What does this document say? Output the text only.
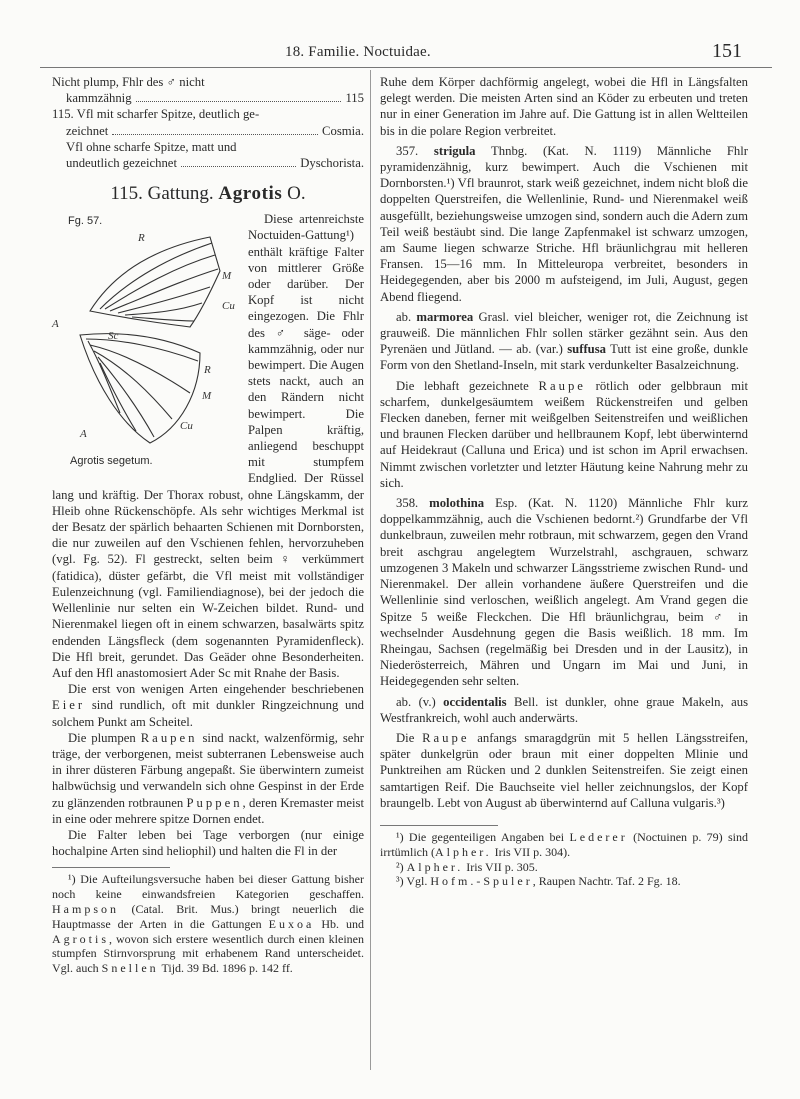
18. Familie. Noctuidae.	151
Nicht plump, Fhlr des ♂ nicht
kammzähnig	115
115. Vfl mit scharfer Spitze, deutlich ge-
zeichnet	Cosmia.
Vfl ohne scharfe Spitze, matt und
undeutlich gezeichnet	Dyschorista.
115. Gattung. Agrotis O.

Fg. 57.
R
M
Cu
A
Sc
R
M
Cu
A
Agrotis segetum.
Diese artenreichste Noctuiden-Gattung¹) enthält kräftige Falter von mittlerer Größe oder darüber. Der Kopf ist nicht eingezogen. Die Fhlr des ♂ säge- oder kammzähnig, oder nur bewimpert. Die Augen stets nackt, auch an den Rändern nicht bewimpert. Die Palpen kräftig, anliegend beschuppt mit stumpfem Endglied. Der Rüssel lang und kräftig. Der Thorax robust, ohne Längskamm, der Hleib ohne Rückenschöpfe. Als sehr wichtiges Merkmal ist der Besatz der spärlich behaarten Schienen mit Dornborsten, die nur zuweilen auf den Vschienen fehlen, hervorzuheben (vgl. Fg. 52). Fl gestreckt, selten beim ♀ verkümmert (fatidica), düster gefärbt, die Vfl meist mit vollständiger Eulenzeichnung (vgl. Familiendiagnose), bei der jedoch die Wellenlinie nur selten ein W-Zeichen bildet. Rund- und Nierenmakel liegen oft in einem schwarzen, basalwärts spitz endenden Längsfleck (dem sogenannten Pyramidenfleck). Die Hfl breit, gerundet. Das Geäder ohne Besonderheiten. Auf den Hfl anastomosiert Ader Sc mit Rnahe der Basis.

Die erst von wenigen Arten eingehender beschriebenen Eier sind rundlich, oft mit dunkler Ringzeichnung und solchem Punkt am Scheitel.

Die plumpen Raupen sind nackt, walzenförmig, sehr träge, der verborgenen, meist subterranen Lebensweise auch in ihrer düsteren Färbung angepaßt. Sie überwintern zumeist halbwüchsig und verwandeln sich ohne Gespinst in der Erde zu glänzenden rotbraunen Puppen, deren Kremaster meist in eine oder mehrere spitze Dornen endet.

Die Falter leben bei Tage verborgen (nur einige hochalpine Arten sind heliophil) und halten die Fl in der

¹) Die Aufteilungsversuche haben bei dieser Gattung bisher noch keine einwandsfreien Kategorien geschaffen. Hampson (Catal. Brit. Mus.) bringt neuerlich die Hauptmasse der Arten in die Gattungen Euxoa Hb. und Agrotis, wovon sich erstere wesentlich durch einen kleinen stumpfen Stirnvorsprung mit erhabenem Rand unterscheidet. Vgl. auch Snellen Tijd. 39 Bd. 1896 p. 142 ff.

Ruhe dem Körper dachförmig angelegt, wobei die Hfl in Längsfalten gelegt werden. Die meisten Arten sind an Köder zu erbeuten und treten nur in einer Generation im Jahre auf. Die Gattung ist in allen Weltteilen bis in die polare Region verbreitet.

357. strigula Thnbg. (Kat. N. 1119) Männliche Fhlr pyramidenzähnig, kurz bewimpert. Auch die Vschienen mit Dornborsten.¹) Vfl braunrot, stark weiß gezeichnet, indem nicht bloß die doppelten Querstreifen, die Wellenlinie, Rund- und Nierenmakel weiß ausgefüllt, beziehungsweise umzogen sind, sondern auch die Adern zum Teil weiß bestäubt sind. Die lange Zapfenmakel ist schwarz umzogen, am Saume liegen schwarze Striche. Hfl bräunlichgrau mit helleren Fransen. 15—16 mm. In Mitteleuropa verbreitet, besonders in Heidegegenden, aber bis 2000 m aufsteigend, im Juli, August, gegen Abend fliegend.

ab. marmorea Grasl. viel bleicher, weniger rot, die Zeichnung ist grauweiß. Die männlichen Fhlr sollen stärker gezähnt sein. Aus den Pyrenäen und Jütland. — ab. (var.) suffusa Tutt ist eine große, dunkle Form von den Shetland-Inseln, mit stark verdunkelter Basalzeichnung.

Die lebhaft gezeichnete Raupe rötlich oder gelbbraun mit scharfem, dunkelgesäumtem weißem Rückenstreifen und gelben Flecken daneben, ferner mit weißgelben Seitenstreifen und weißlichen und braunen Flecken darüber und hellbraunem Kopf, lebt überwinternd auf Heidekraut (Calluna und Erica) und ist schon im April erwachsen. Nimmt zwischen vorletzter und letzter Häutung keine Nahrung mehr zu sich.

358. molothina Esp. (Kat. N. 1120) Männliche Fhlr kurz doppelkammzähnig, auch die Vschienen bedornt.²) Grundfarbe der Vfl dunkelbraun, zuweilen mehr rotbraun, mit schwarzem, gegen den Vrand breit aschgrau angelegtem Wurzelstrahl, aschgrauen, schwarz umzogenen 3 Makeln und schwarzer Längsstrieme zwischen Rund- und Nierenmakel. Der allein vorhandene äußere Querstreifen und die Wellenlinie sind verloschen, weißlich angelegt. Am Vrand gegen die Spitze 5 weiße Fleckchen. Die Hfl bräunlichgrau, beim ♂ in wechselnder Ausdehnung gegen die Basis weißlich. 18 mm. Im Rheingau, Sachsen (regelmäßig bei Dresden und in der Lausitz), in Niederösterreich, Mähren und Ungarn im Mai und Juni, in Heidegegenden sehr selten.

ab. (v.) occidentalis Bell. ist dunkler, ohne graue Makeln, aus Westfrankreich, wohl auch anderwärts.

Die Raupe anfangs smaragdgrün mit 5 hellen Längsstreifen, später dunkelgrün oder braun mit einer doppelten Mlinie und Punktreihen am Rücken und 2 dunklen Seitenstreifen. Sie zeigt einen samtartigen Reif. Die Bauchseite viel heller zeichnungslos, der Kopf braungelb. Lebt von August ab überwinternd auf Calluna vulgaris.³)

¹) Die gegenteiligen Angaben bei Lederer (Noctuinen p. 79) sind irrtümlich (Alpher. Iris VII p. 304).

²) Alpher. Iris VII p. 305.

³) Vgl. Hofm.-Spuler, Raupen Nachtr. Taf. 2 Fg. 18.
